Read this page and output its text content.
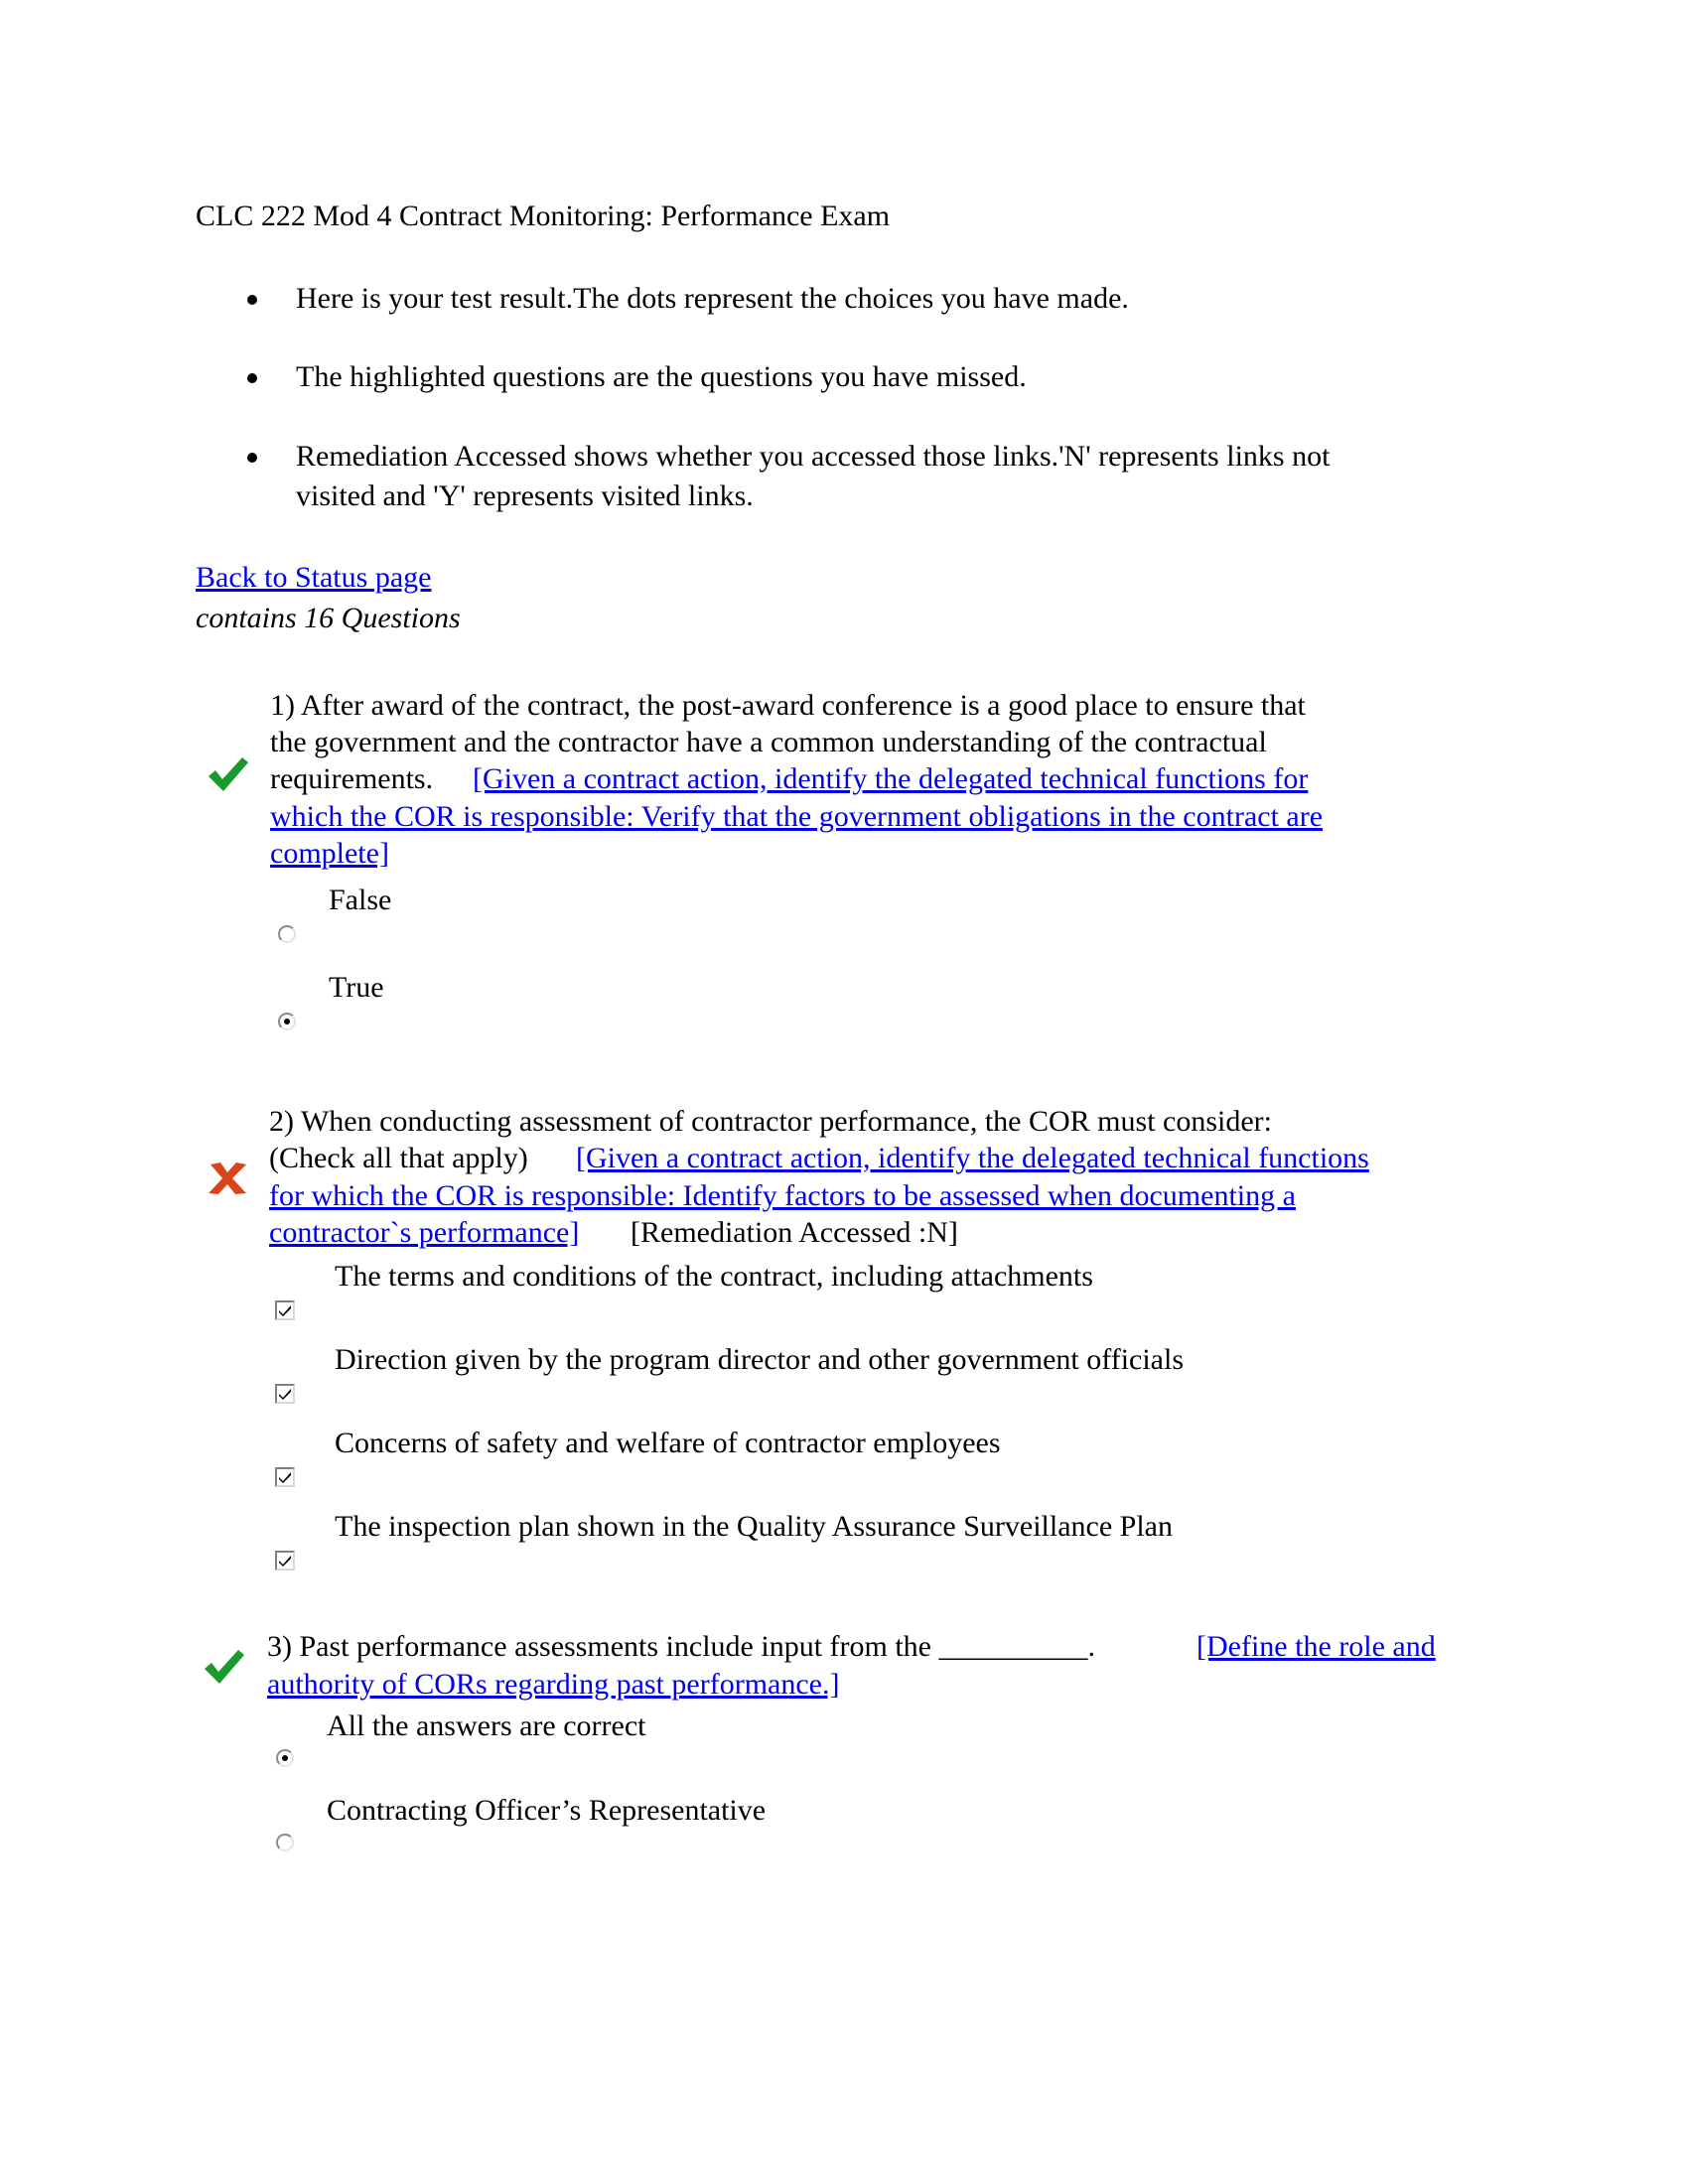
CLC 222 Mod 4 Contract Monitoring: Performance Exam
Here is your test result.The dots represent the choices you have made.
The highlighted questions are the questions you have missed.
Remediation Accessed shows whether you accessed those links.'N' represents links not
visited and 'Y' represents visited links.
Back to Status page
contains 16 Questions
1) After award of the contract, the post-award conference is a good place to ensure that
the government and the contractor have a common understanding of the contractual
requirements. [Given a contract action, identify the delegated technical functions for
which the COR is responsible: Verify that the government obligations in the contract are
complete]
False
True
2) When conducting assessment of contractor performance, the COR must consider:
(Check all that apply) [Given a contract action, identify the delegated technical functions
for which the COR is responsible: Identify factors to be assessed when documenting a
contractor`s performance] [Remediation Accessed :N]
The terms and conditions of the contract, including attachments
Direction given by the program director and other government officials
Concerns of safety and welfare of contractor employees
The inspection plan shown in the Quality Assurance Surveillance Plan
3) Past performance assessments include input from the __________.	[Define the role and
authority of CORs regarding past performance.]
All the answers are correct
Contracting Officer’s Representative
